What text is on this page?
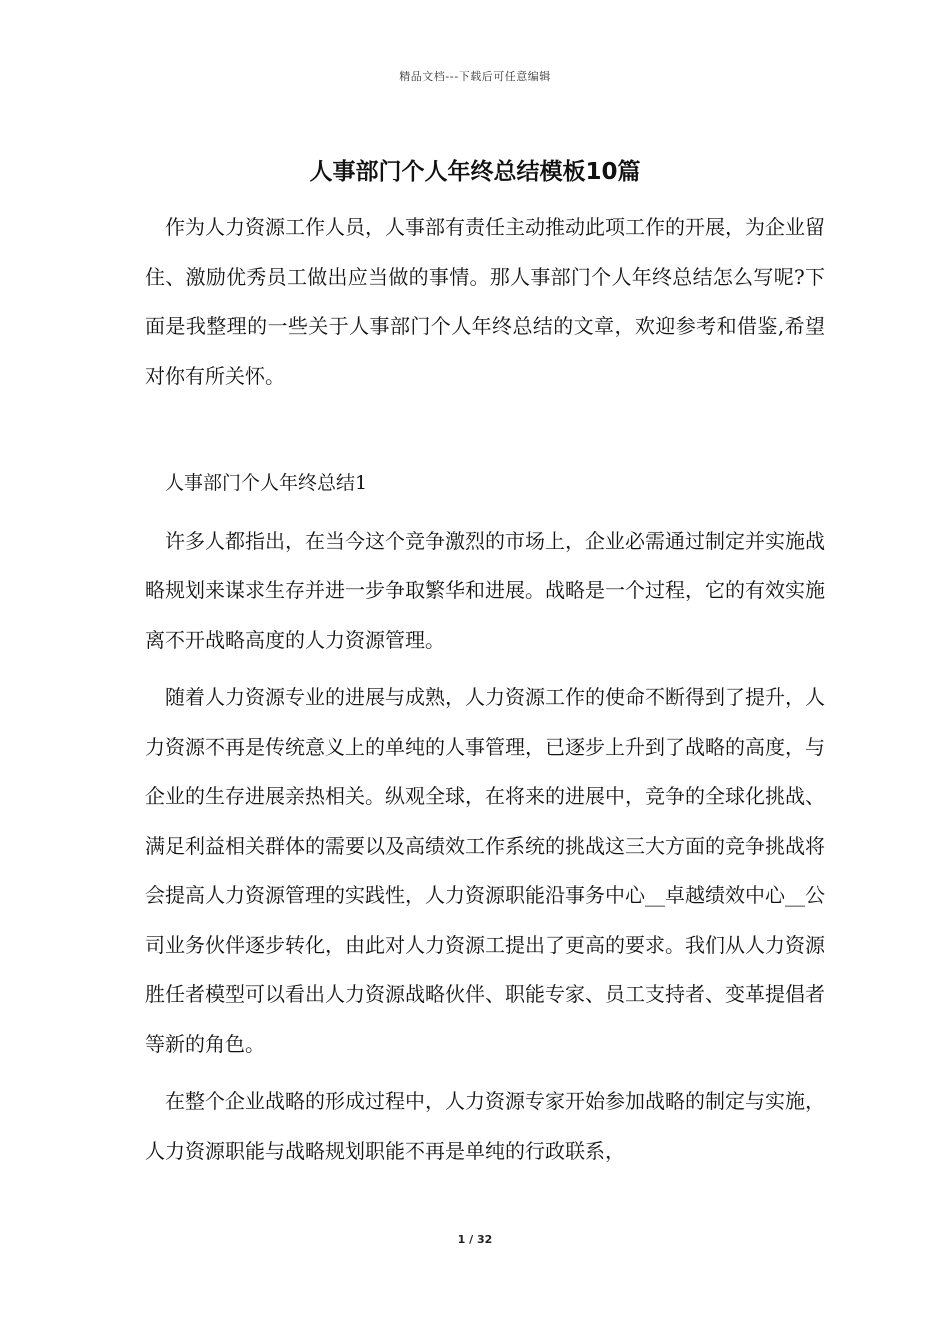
精品文档---下载后可任意编辑
人事部门个人年终总结模板10篇

作为人力资源工作人员，人事部有责任主动推动此项工作的开展，为企业留住、激励优秀员工做出应当做的事情。那人事部门个人年终总结怎么写呢?下面是我整理的一些关于人事部门个人年终总结的文章，欢迎参考和借鉴,希望对你有所关怀。

人事部门个人年终总结1

许多人都指出，在当今这个竞争激烈的市场上，企业必需通过制定并实施战略规划来谋求生存并进一步争取繁华和进展。战略是一个过程，它的有效实施离不开战略高度的人力资源管理。

随着人力资源专业的进展与成熟，人力资源工作的使命不断得到了提升，人力资源不再是传统意义上的单纯的人事管理，已逐步上升到了战略的高度，与企业的生存进展亲热相关。纵观全球，在将来的进展中，竞争的全球化挑战、满足利益相关群体的需要以及高绩效工作系统的挑战这三大方面的竞争挑战将会提高人力资源管理的实践性，人力资源职能沿事务中心__卓越绩效中心__公司业务伙伴逐步转化，由此对人力资源工提出了更高的要求。我们从人力资源胜任者模型可以看出人力资源战略伙伴、职能专家、员工支持者、变革提倡者等新的角色。

在整个企业战略的形成过程中，人力资源专家开始参加战略的制定与实施，人力资源职能与战略规划职能不再是单纯的行政联系，

1 / 32
